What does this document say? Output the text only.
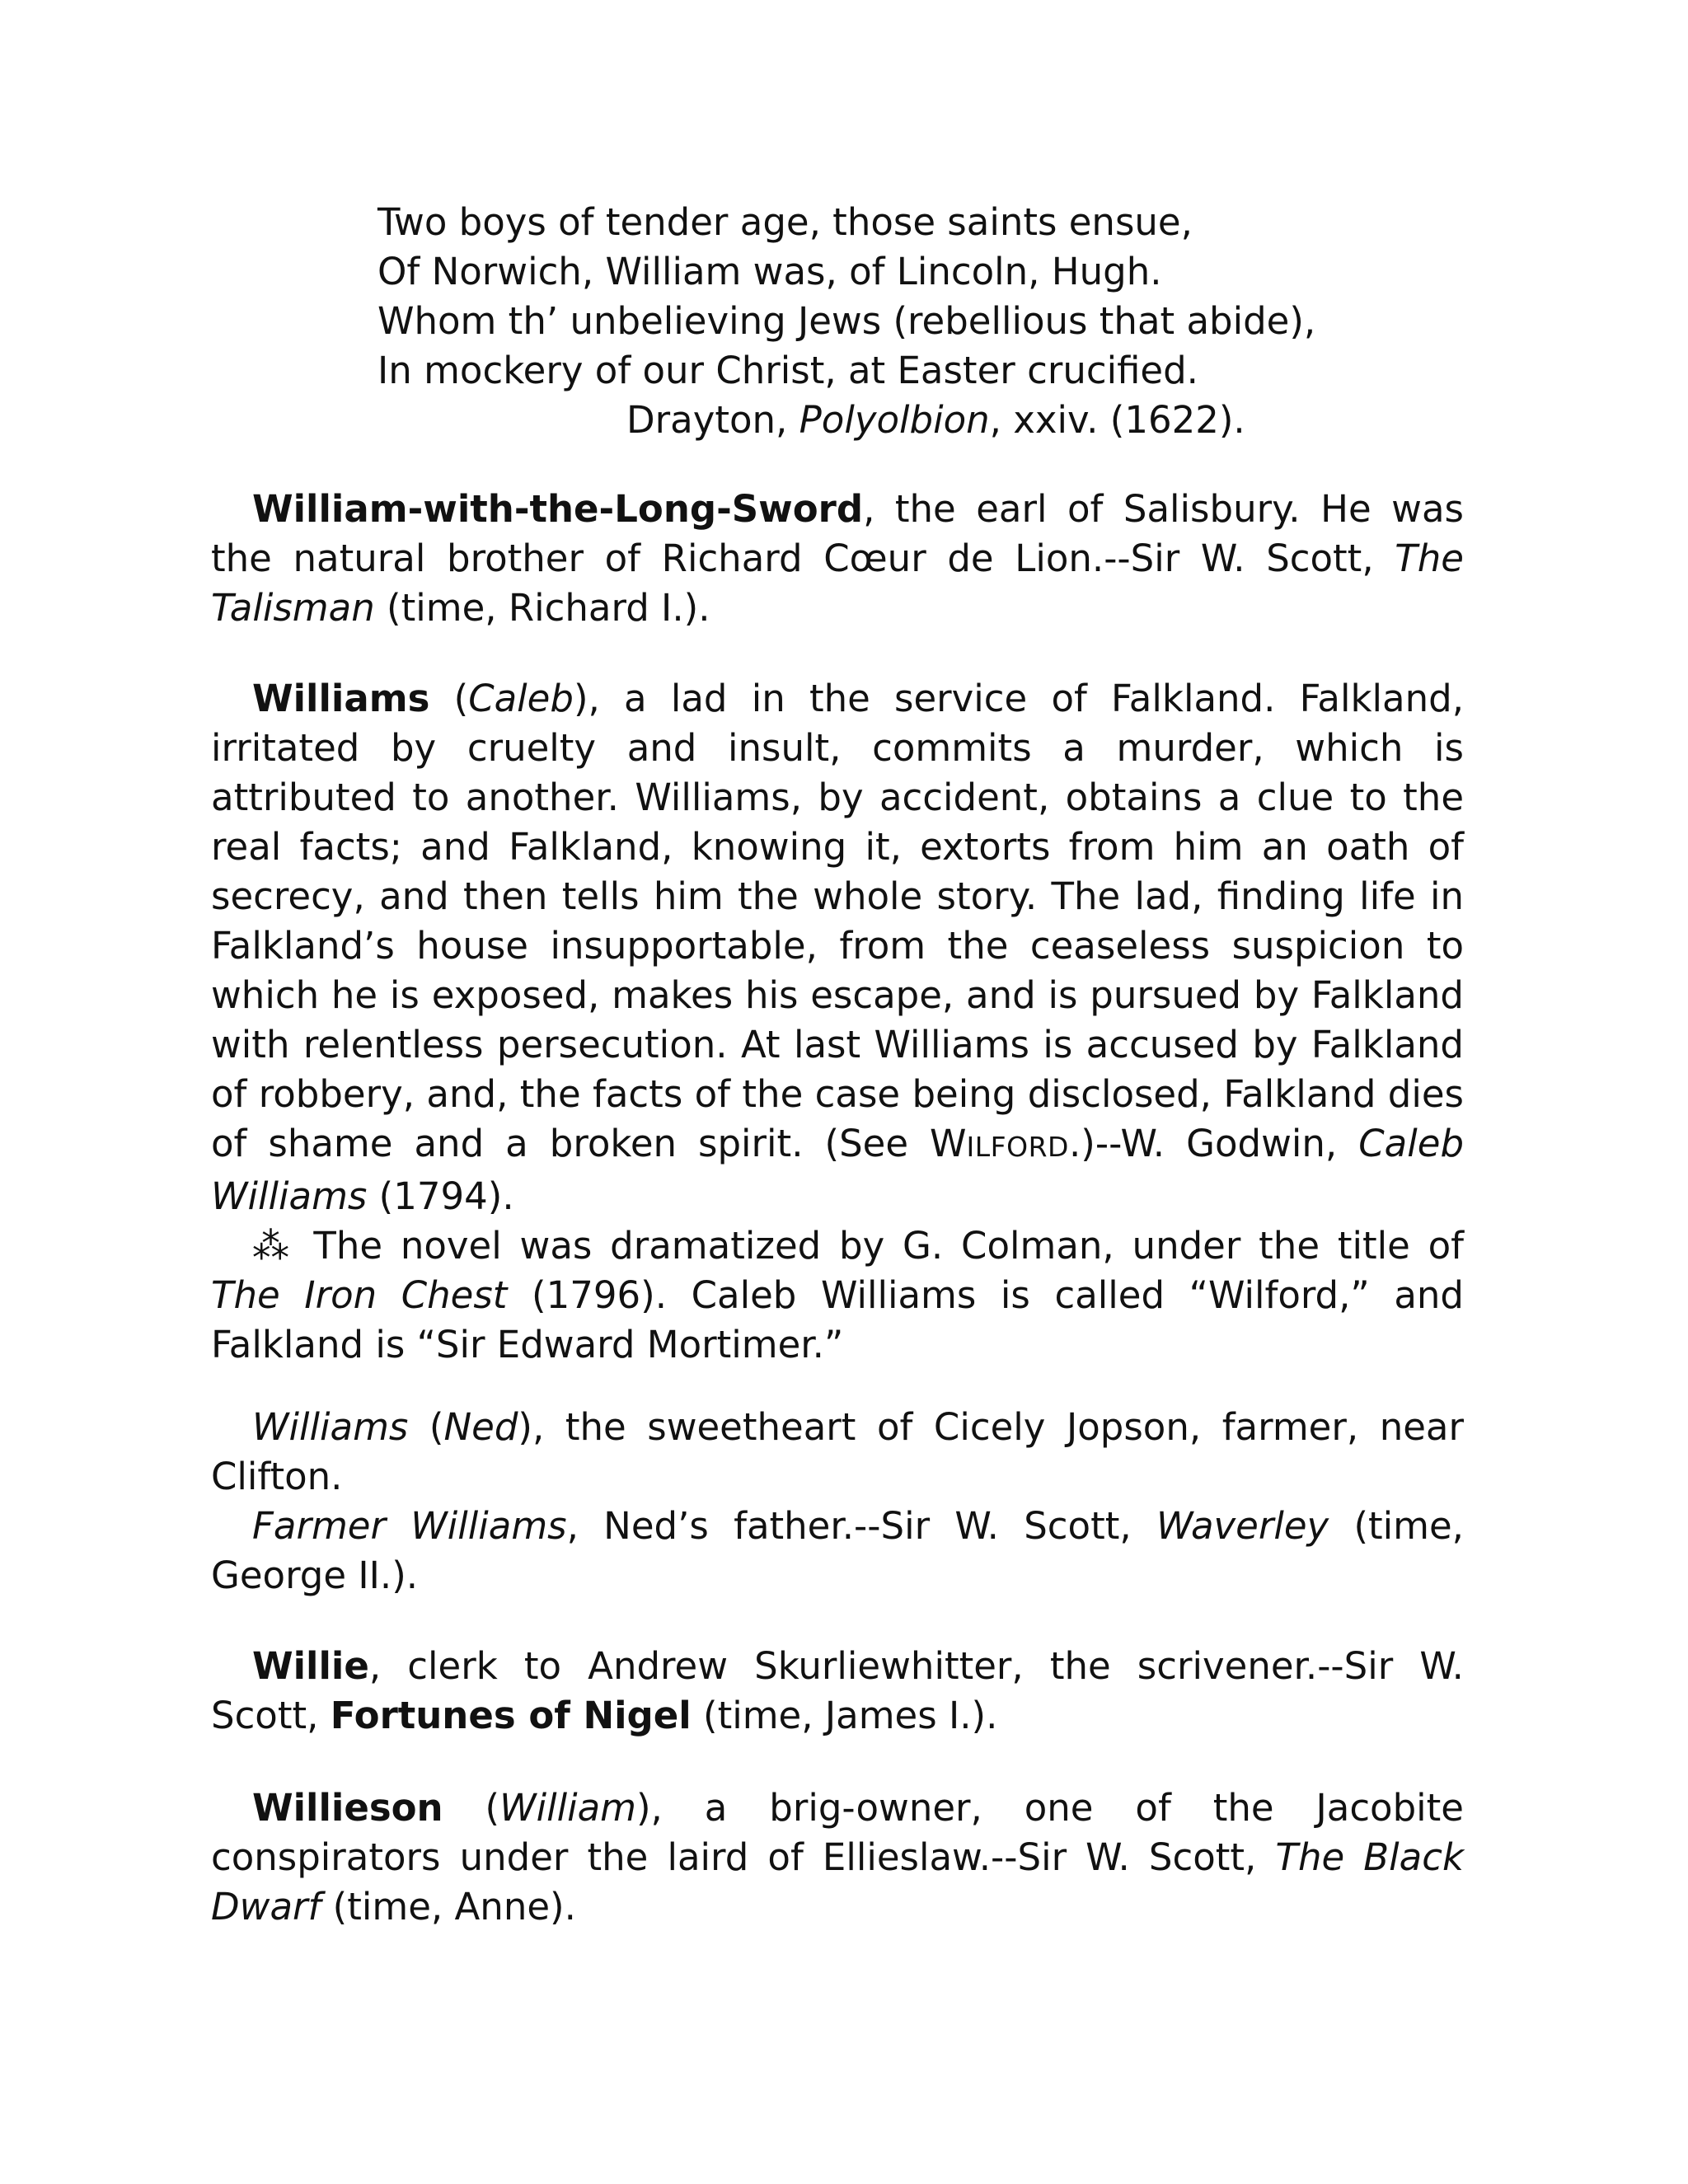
Two boys of tender age, those saints ensue,
Of Norwich, William was, of Lincoln, Hugh.
Whom th’ unbelieving Jews (rebellious that abide),
In mockery of our Christ, at Easter crucified.
Drayton, Polyolbion, xxiv. (1622).

William-with-the-Long-Sword, the earl of Salisbury. He was the natural brother of Richard Cœur de Lion.--Sir W. Scott, The Talisman (time, Richard I.).

Williams (Caleb), a lad in the service of Falkland. Falkland, irritated by cruelty and insult, commits a murder, which is attributed to another. Williams, by accident, obtains a clue to the real facts; and Falkland, knowing it, extorts from him an oath of secrecy, and then tells him the whole story. The lad, finding life in Falkland’s house insupportable, from the ceaseless suspicion to which he is exposed, makes his escape, and is pursued by Falkland with relentless persecution. At last Williams is accused by Falkland of robbery, and, the facts of the case being disclosed, Falkland dies of shame and a broken spirit. (See WILFORD.)--W. Godwin, Caleb Williams (1794).

⁂ The novel was dramatized by G. Colman, under the title of The Iron Chest (1796). Caleb Williams is called “Wilford,” and Falkland is “Sir Edward Mortimer.”

Williams (Ned), the sweetheart of Cicely Jopson, farmer, near Clifton.

Farmer Williams, Ned’s father.--Sir W. Scott, Waverley (time, George II.).

Willie, clerk to Andrew Skurliewhitter, the scrivener.--Sir W. Scott, Fortunes of Nigel (time, James I.).

Willieson (William), a brig-owner, one of the Jacobite conspirators under the laird of Ellieslaw.--Sir W. Scott, The Black Dwarf (time, Anne).
